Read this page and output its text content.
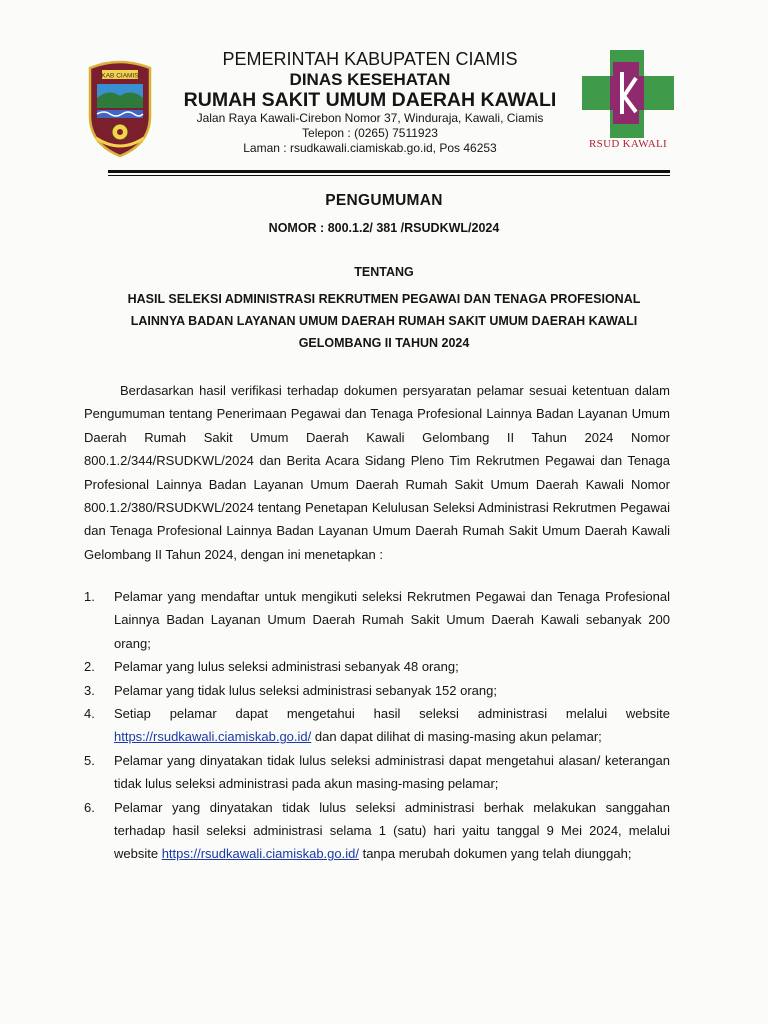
KAB CIAMIS
PEMERINTAH KABUPATEN CIAMIS
DINAS KESEHATAN
RUMAH SAKIT UMUM DAERAH KAWALI
Jalan Raya Kawali-Cirebon Nomor 37, Winduraja, Kawali, Ciamis
Telepon : (0265) 7511923
Laman : rsudkawali.ciamiskab.go.id, Pos 46253	RSUD KAWALI
PENGUMUMAN
NOMOR : 800.1.2/ 381 /RSUDKWL/2024
TENTANG
HASIL SELEKSI ADMINISTRASI REKRUTMEN PEGAWAI DAN TENAGA PROFESIONAL
LAINNYA BADAN LAYANAN UMUM DAERAH RUMAH SAKIT UMUM DAERAH KAWALI
GELOMBANG II TAHUN 2024
Berdasarkan hasil verifikasi terhadap dokumen persyaratan pelamar sesuai ketentuan dalam Pengumuman tentang Penerimaan Pegawai dan Tenaga Profesional Lainnya Badan Layanan Umum Daerah Rumah Sakit Umum Daerah Kawali Gelombang II Tahun 2024 Nomor 800.1.2/344/RSUDKWL/2024 dan Berita Acara Sidang Pleno Tim Rekrutmen Pegawai dan Tenaga Profesional Lainnya Badan Layanan Umum Daerah Rumah Sakit Umum Daerah Kawali Nomor 800.1.2/380/RSUDKWL/2024 tentang Penetapan Kelulusan Seleksi Administrasi Rekrutmen Pegawai dan Tenaga Profesional Lainnya Badan Layanan Umum Daerah Rumah Sakit Umum Daerah Kawali Gelombang II Tahun 2024, dengan ini menetapkan :
1. Pelamar yang mendaftar untuk mengikuti seleksi Rekrutmen Pegawai dan Tenaga Profesional Lainnya Badan Layanan Umum Daerah Rumah Sakit Umum Daerah Kawali sebanyak 200 orang;
2. Pelamar yang lulus seleksi administrasi sebanyak 48 orang;
3. Pelamar yang tidak lulus seleksi administrasi sebanyak 152 orang;
4. Setiap pelamar dapat mengetahui hasil seleksi administrasi melalui website https://rsudkawali.ciamiskab.go.id/ dan dapat dilihat di masing-masing akun pelamar;
5. Pelamar yang dinyatakan tidak lulus seleksi administrasi dapat mengetahui alasan/ keterangan tidak lulus seleksi administrasi pada akun masing-masing pelamar;
6. Pelamar yang dinyatakan tidak lulus seleksi administrasi berhak melakukan sanggahan terhadap hasil seleksi administrasi selama 1 (satu) hari yaitu tanggal 9 Mei 2024, melalui website https://rsudkawali.ciamiskab.go.id/ tanpa merubah dokumen yang telah diunggah;
